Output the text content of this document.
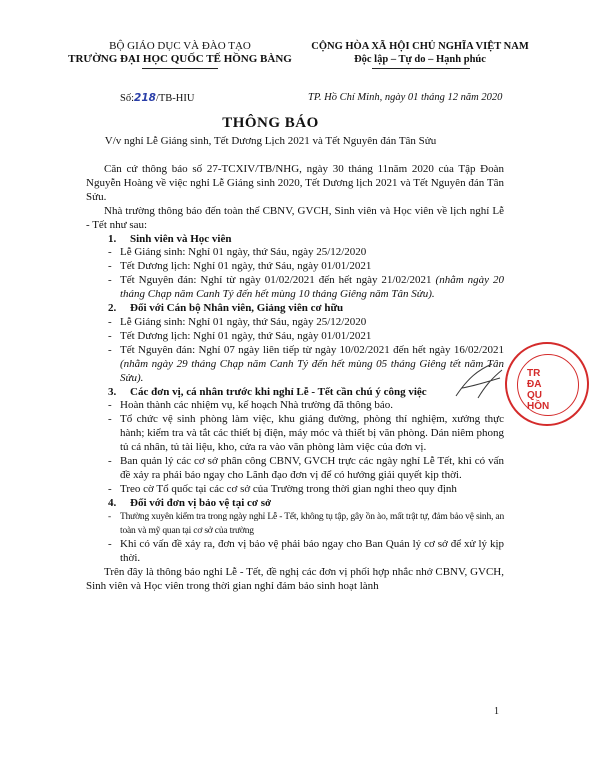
BỘ GIÁO DỤC VÀ ĐÀO TẠO
TRƯỜNG ĐẠI HỌC QUỐC TẾ HỒNG BÀNG
CỘNG HÒA XÃ HỘI CHỦ NGHĨA VIỆT NAM
Độc lập – Tự do – Hạnh phúc
Số:218/TB-HIU	TP. Hồ Chí Minh, ngày 01 tháng 12 năm 2020
THÔNG BÁO
V/v nghỉ Lễ Giáng sinh, Tết Dương Lịch 2021 và Tết Nguyên đán Tân Sửu

Căn cứ thông báo số 27-TCXIV/TB/NHG, ngày 30 tháng 11năm 2020 của Tập Đoàn Nguyễn Hoàng về việc nghỉ Lễ Giáng sinh 2020, Tết Dương lịch 2021 và Tết Nguyên đán Tân Sửu.

Nhà trường thông báo đến toàn thể CBNV, GVCH, Sinh viên và Học viên về lịch nghỉ Lễ - Tết như sau:

1. Sinh viên và Học viên

- Lễ Giáng sinh: Nghỉ 01 ngày, thứ Sáu, ngày 25/12/2020

- Tết Dương lịch: Nghỉ 01 ngày, thứ Sáu, ngày 01/01/2021

- Tết Nguyên đán: Nghỉ từ ngày 01/02/2021 đến hết ngày 21/02/2021 (nhằm ngày 20 tháng Chạp năm Canh Tý đến hết mùng 10 tháng Giêng năm Tân Sửu).

2. Đối với Cán bộ Nhân viên, Giảng viên cơ hữu

- Lễ Giáng sinh: Nghỉ 01 ngày, thứ Sáu, ngày 25/12/2020

- Tết Dương lịch: Nghỉ 01 ngày, thứ Sáu, ngày 01/01/2021

- Tết Nguyên đán: Nghỉ 07 ngày liên tiếp từ ngày 10/02/2021 đến hết ngày 16/02/2021 (nhằm ngày 29 tháng Chạp năm Canh Tý đến hết mùng 05 tháng Giêng tết năm Tân Sửu).

3. Các đơn vị, cá nhân trước khi nghỉ Lễ - Tết cần chú ý công việc

- Hoàn thành các nhiệm vụ, kế hoạch Nhà trường đã thông báo.

- Tổ chức vệ sinh phòng làm việc, khu giảng đường, phòng thí nghiệm, xưởng thực hành; kiểm tra và tắt các thiết bị điện, máy móc và thiết bị văn phòng. Dán niêm phong tủ cá nhân, tủ tài liệu, kho, cửa ra vào văn phòng làm việc của đơn vị.

- Ban quản lý các cơ sở phân công CBNV, GVCH trực các ngày nghỉ Lễ Tết, khi có vấn đề xảy ra phải báo ngay cho Lãnh đạo đơn vị để có hướng giải quyết kịp thời.

- Treo cờ Tổ quốc tại các cơ sở của Trường trong thời gian nghỉ theo quy định

4. Đối với đơn vị bảo vệ tại cơ sở

- Thường xuyên kiểm tra trong ngày nghỉ Lễ - Tết, không tụ tập, gây ồn ào, mất trật tự, đảm bảo vệ sinh, an toàn và mỹ quan tại cơ sở của trường

- Khi có vấn đề xảy ra, đơn vị bảo vệ phải báo ngay cho Ban Quản lý cơ sở để xử lý kịp thời.

Trên đây là thông báo nghỉ Lễ - Tết, đề nghị các đơn vị phối hợp nhắc nhở CBNV, GVCH, Sinh viên và Học viên trong thời gian nghỉ đảm bảo sinh hoạt lành

TR
ĐA
QU
HỒN
1
